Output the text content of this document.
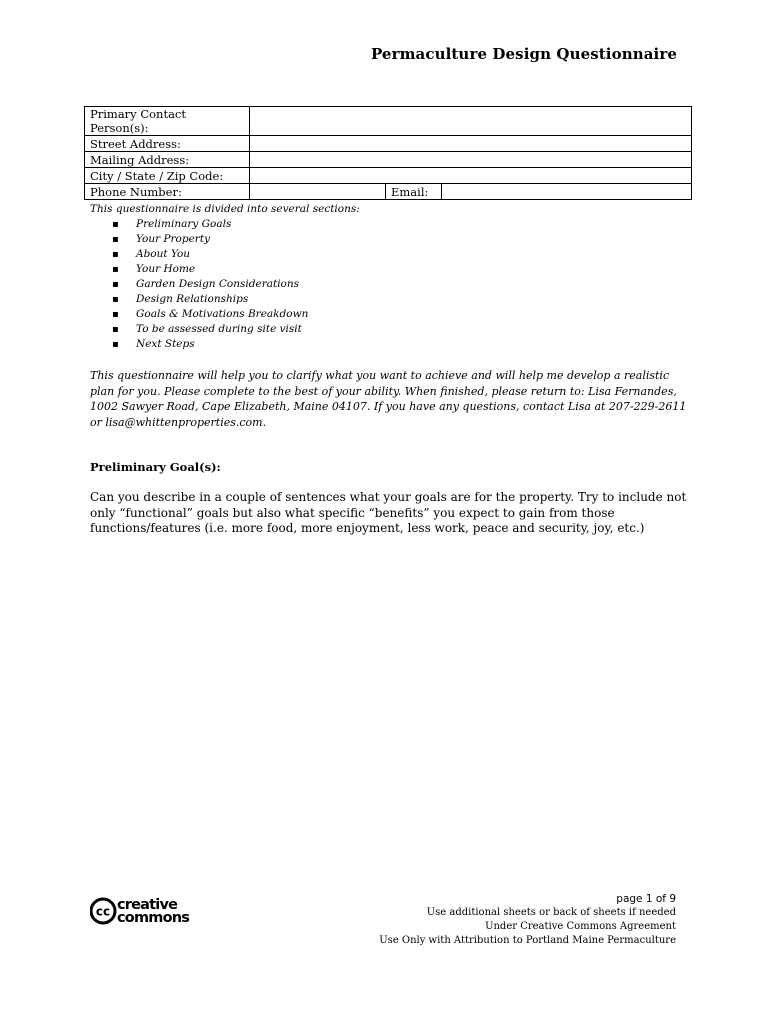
Permaculture Design Questionnaire
Primary Contact Person(s):			
Street Address:			
Mailing Address:			
City / State / Zip Code:			
Phone Number:		Email:	
This questionnaire is divided into several sections:
▪ Preliminary Goals
▪ Your Property
▪ About You
▪ Your Home
▪ Garden Design Considerations
▪ Design Relationships
▪ Goals & Motivations Breakdown
▪ To be assessed during site visit
▪ Next Steps
This questionnaire will help you to clarify what you want to achieve and will help me develop a realistic plan for you. Please complete to the best of your ability. When finished, please return to: Lisa Fernandes, 1002 Sawyer Road, Cape Elizabeth, Maine 04107. If you have any questions, contact Lisa at 207-229-2611 or lisa@whittenproperties.com.
Preliminary Goal(s):
Can you describe in a couple of sentences what your goals are for the property. Try to include not only “functional” goals but also what specific “benefits” you expect to gain from those functions/features (i.e. more food, more enjoyment, less work, peace and security, joy, etc.)
cc creative
commons
page 1 of 9
Use additional sheets or back of sheets if needed
Under Creative Commons Agreement
Use Only with Attribution to Portland Maine Permaculture
